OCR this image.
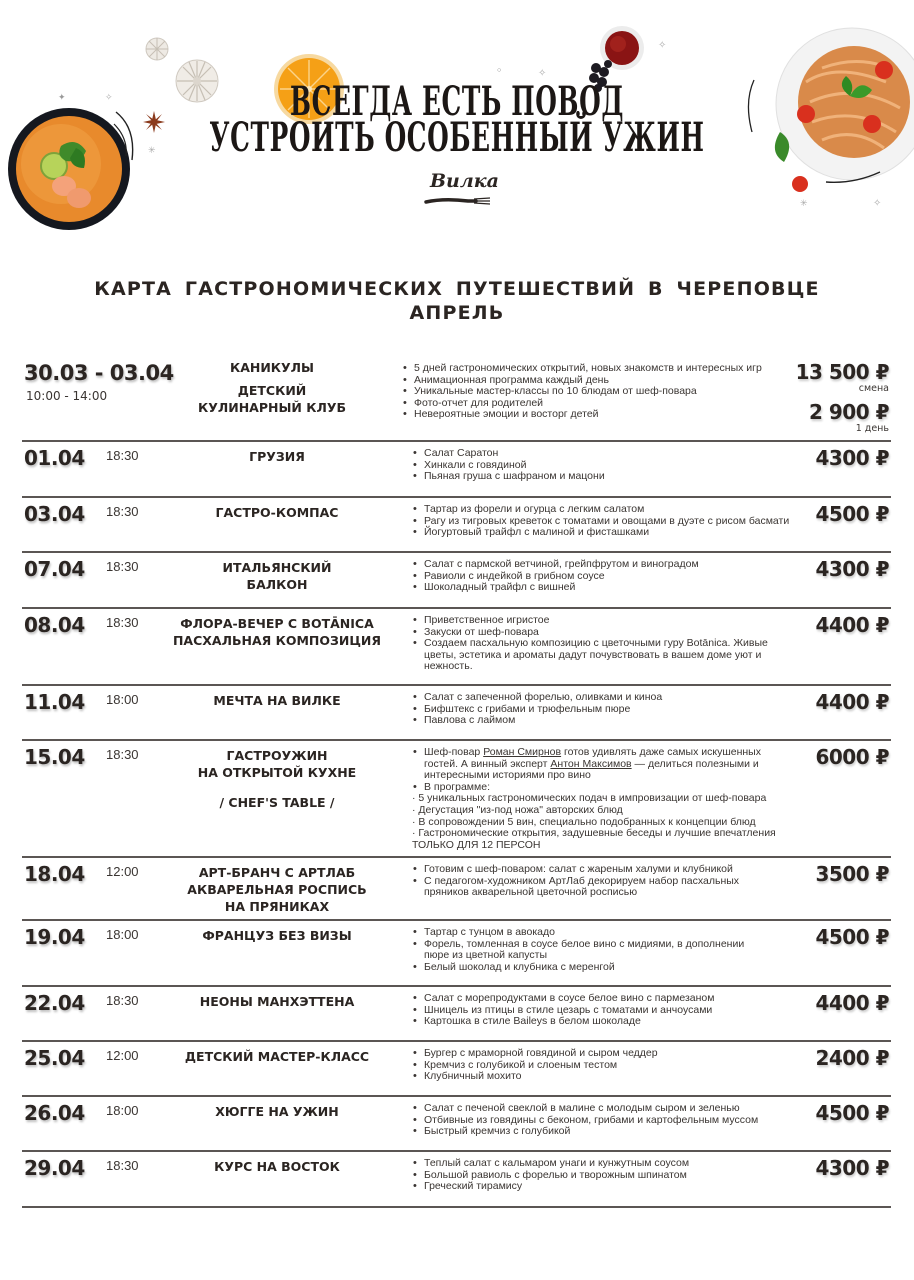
✦	✧
✳
✧
✧
✳	✧
○
ВСЕГДА ЕСТЬ ПОВОД
УСТРОИТЬ ОСОБЕННЫЙ УЖИН
Вилка
КАРТА ГАСТРОНОМИЧЕСКИХ ПУТЕШЕСТВИЙ В ЧЕРЕПОВЦЕ
АПРЕЛЬ
30.03 - 03.04
10:00 - 14:00
КАНИКУЛЫ
ДЕТСКИЙ
КУЛИНАРНЫЙ КЛУБ
• 5 дней гастрономических открытий, новых знакомств и интересных игр
• Анимационная программа каждый день
• Уникальные мастер-классы по 10 блюдам от шеф-повара
• Фото-отчет для родителей
• Невероятные эмоции и восторг детей
13 500 ₽
смена
2 900 ₽
1 день
01.04 18:30	ГРУЗИЯ	• Салат Саратон
• Хинкали с говядиной
• Пьяная груша с шафраном и мацони
4300 ₽
03.04 18:30	ГАСТРО-КОМПАС	• Тартар из форели и огурца с легким салатом
• Рагу из тигровых креветок с томатами и овощами в дуэте с рисом басмати
• Йогуртовый трайфл с малиной и фисташками
4500 ₽
07.04 18:30	ИТАЛЬЯНСКИЙ
БАЛКОН
• Салат с пармской ветчиной, грейпфрутом и виноградом
• Равиоли с индейкой в грибном соусе
• Шоколадный трайфл с вишней
4300 ₽
08.04 18:30	ФЛОРА-ВЕЧЕР С BOTĀNICA
ПАСХАЛЬНАЯ КОМПОЗИЦИЯ
• Приветственное игристое
• Закуски от шеф-повара
• Создаем пасхальную композицию с цветочными гуру Botānica. Живые цветы, эстетика и ароматы дадут почувствовать в вашем доме уют и нежность.
4400 ₽
11.04 18:00	МЕЧТА НА ВИЛКЕ	• Салат с запеченной форелью, оливками и киноа
• Бифштекс с грибами и трюфельным пюре
• Павлова с лаймом
4400 ₽
15.04 18:30	ГАСТРОУЖИН
НА ОТКРЫТОЙ КУХНЕ
/ CHEF'S TABLE /
• Шеф-повар Роман Смирнов готов удивлять даже самых искушенных гостей. А винный эксперт Антон Максимов — делиться полезными и интересными историями про вино
• В программе:
· 5 уникальных гастрономических подач в импровизации от шеф-повара
· Дегустация "из-под ножа" авторских блюд
· В сопровождении 5 вин, специально подобранных к концепции блюд
· Гастрономические открытия, задушевные беседы и лучшие впечатления
ТОЛЬКО ДЛЯ 12 ПЕРСОН
6000 ₽
18.04 12:00	АРТ-БРАНЧ С АРТЛАБ
АКВАРЕЛЬНАЯ РОСПИСЬ
НА ПРЯНИКАХ
• Готовим с шеф-поваром: салат с жареным халуми и клубникой
• С педагогом-художником АртЛаб декорируем набор пасхальных пряников акварельной цветочной росписью
3500 ₽
19.04 18:00	ФРАНЦУЗ БЕЗ ВИЗЫ	• Тартар с тунцом в авокадо
• Форель, томленная в соусе белое вино с мидиями, в дополнении пюре из цветной капусты
• Белый шоколад и клубника с меренгой
4500 ₽
22.04 18:30	НЕОНЫ МАНХЭТТЕНА	• Салат с морепродуктами в соусе белое вино с пармезаном
• Шницель из птицы в стиле цезарь с томатами и анчоусами
• Картошка в стиле Baileys в белом шоколаде
4400 ₽
25.04 12:00	ДЕТСКИЙ МАСТЕР-КЛАСС	• Бургер с мраморной говядиной и сыром чеддер
• Кремчиз с голубикой и слоеным тестом
• Клубничный мохито
2400 ₽
26.04 18:00	ХЮГГЕ НА УЖИН	• Салат с печеной свеклой в малине с молодым сыром и зеленью
• Отбивные из говядины с беконом, грибами и картофельным муссом
• Быстрый кремчиз с голубикой
4500 ₽
29.04 18:30	КУРС НА ВОСТОК	• Теплый салат с кальмаром унаги и кунжутным соусом
• Большой равиоль с форелью и творожным шпинатом
• Греческий тирамису
4300 ₽
